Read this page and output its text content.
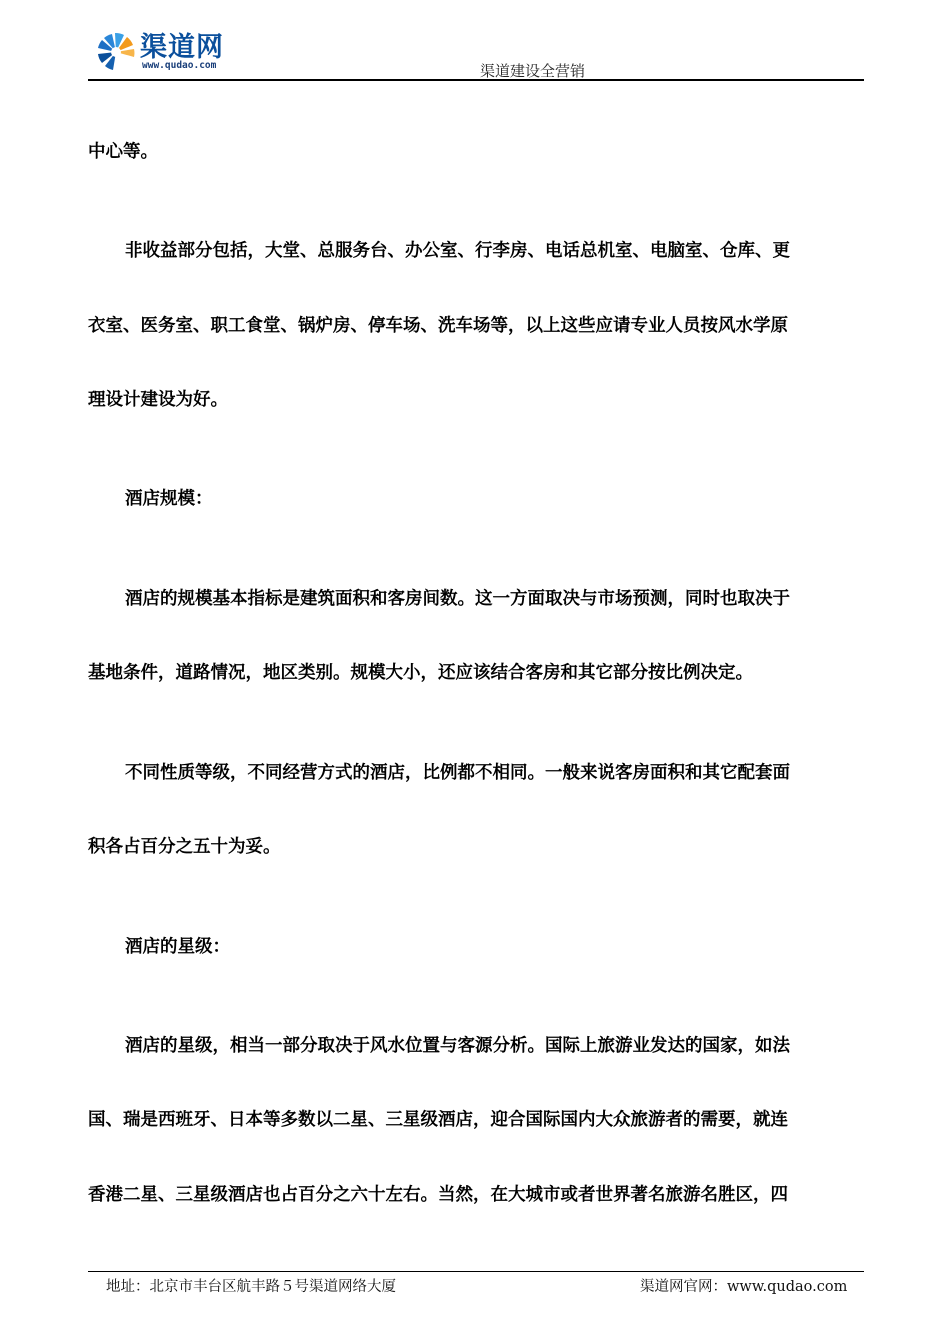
渠道网
www.qudao.com	渠道建设全营销
中心等。
非收益部分包括，大堂、总服务台、办公室、行李房、电话总机室、电脑室、仓库、更
衣室、医务室、职工食堂、锅炉房、停车场、洗车场等，以上这些应请专业人员按风水学原
理设计建设为好。
酒店规模：
酒店的规模基本指标是建筑面积和客房间数。这一方面取决与市场预测，同时也取决于
基地条件，道路情况，地区类别。规模大小，还应该结合客房和其它部分按比例决定。
不同性质等级，不同经营方式的酒店，比例都不相同。一般来说客房面积和其它配套面
积各占百分之五十为妥。
酒店的星级：
酒店的星级，相当一部分取决于风水位置与客源分析。国际上旅游业发达的国家，如法
国、瑞是西班牙、日本等多数以二星、三星级酒店，迎合国际国内大众旅游者的需要，就连
香港二星、三星级酒店也占百分之六十左右。当然，在大城市或者世界著名旅游名胜区，四
地址：北京市丰台区航丰路５号渠道网络大厦	渠道网官网：www.qudao.com
